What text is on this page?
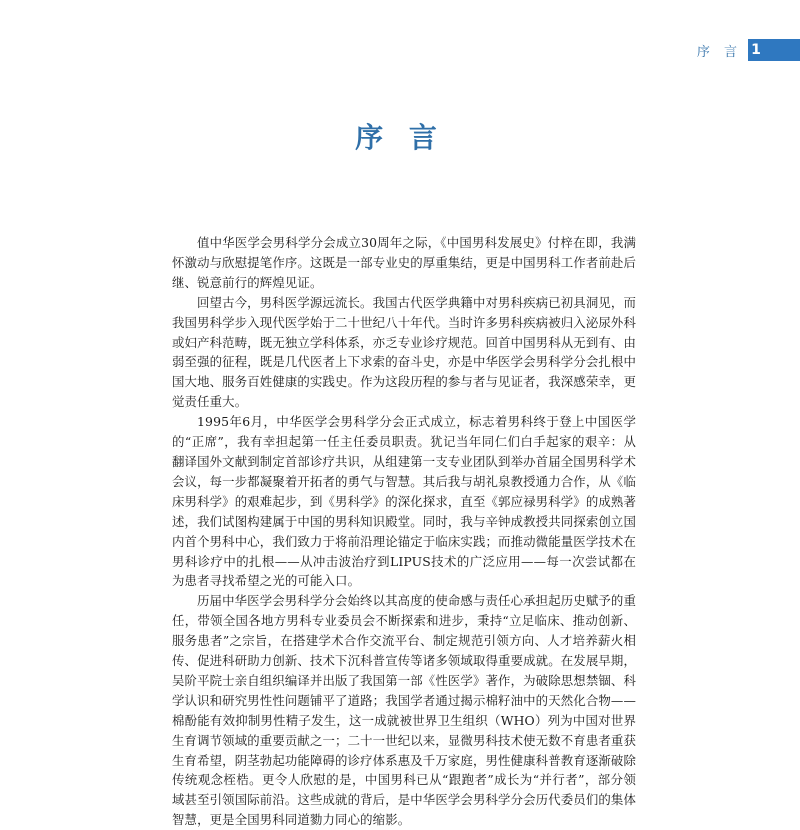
序 言 1
序 言

值中华医学会男科学分会成立30周年之际，《中国男科发展史》付梓在即，我满怀激动与欣慰提笔作序。这既是一部专业史的厚重集结，更是中国男科工作者前赴后继、锐意前行的辉煌见证。

回望古今，男科医学源远流长。我国古代医学典籍中对男科疾病已初具洞见，而我国男科学步入现代医学始于二十世纪八十年代。当时许多男科疾病被归入泌尿外科或妇产科范畴，既无独立学科体系，亦乏专业诊疗规范。回首中国男科从无到有、由弱至强的征程，既是几代医者上下求索的奋斗史，亦是中华医学会男科学分会扎根中国大地、服务百姓健康的实践史。作为这段历程的参与者与见证者，我深感荣幸，更觉责任重大。

1995年6月，中华医学会男科学分会正式成立，标志着男科终于登上中国医学的“正席”，我有幸担起第一任主任委员职责。犹记当年同仁们白手起家的艰辛：从翻译国外文献到制定首部诊疗共识，从组建第一支专业团队到举办首届全国男科学术会议，每一步都凝聚着开拓者的勇气与智慧。其后我与胡礼泉教授通力合作，从《临床男科学》的艰难起步，到《男科学》的深化探求，直至《郭应禄男科学》的成熟著述，我们试图构建属于中国的男科知识殿堂。同时，我与辛钟成教授共同探索创立国内首个男科中心，我们致力于将前沿理论锚定于临床实践；而推动微能量医学技术在男科诊疗中的扎根——从冲击波治疗到LIPUS技术的广泛应用——每一次尝试都在为患者寻找希望之光的可能入口。

历届中华医学会男科学分会始终以其高度的使命感与责任心承担起历史赋予的重任，带领全国各地方男科专业委员会不断探索和进步，秉持“立足临床、推动创新、服务患者”之宗旨，在搭建学术合作交流平台、制定规范引领方向、人才培养薪火相传、促进科研助力创新、技术下沉科普宣传等诸多领域取得重要成就。在发展早期，吴阶平院士亲自组织编译并出版了我国第一部《性医学》著作，为破除思想禁锢、科学认识和研究男性性问题铺平了道路；我国学者通过揭示棉籽油中的天然化合物——棉酚能有效抑制男性精子发生，这一成就被世界卫生组织（WHO）列为中国对世界生育调节领域的重要贡献之一；二十一世纪以来，显微男科技术使无数不育患者重获生育希望，阴茎勃起功能障碍的诊疗体系惠及千万家庭，男性健康科普教育逐渐破除传统观念桎梏。更令人欣慰的是，中国男科已从“跟跑者”成长为“并行者”，部分领域甚至引领国际前沿。这些成就的背后，是中华医学会男科学分会历代委员们的集体智慧，更是全国男科同道勠力同心的缩影。
